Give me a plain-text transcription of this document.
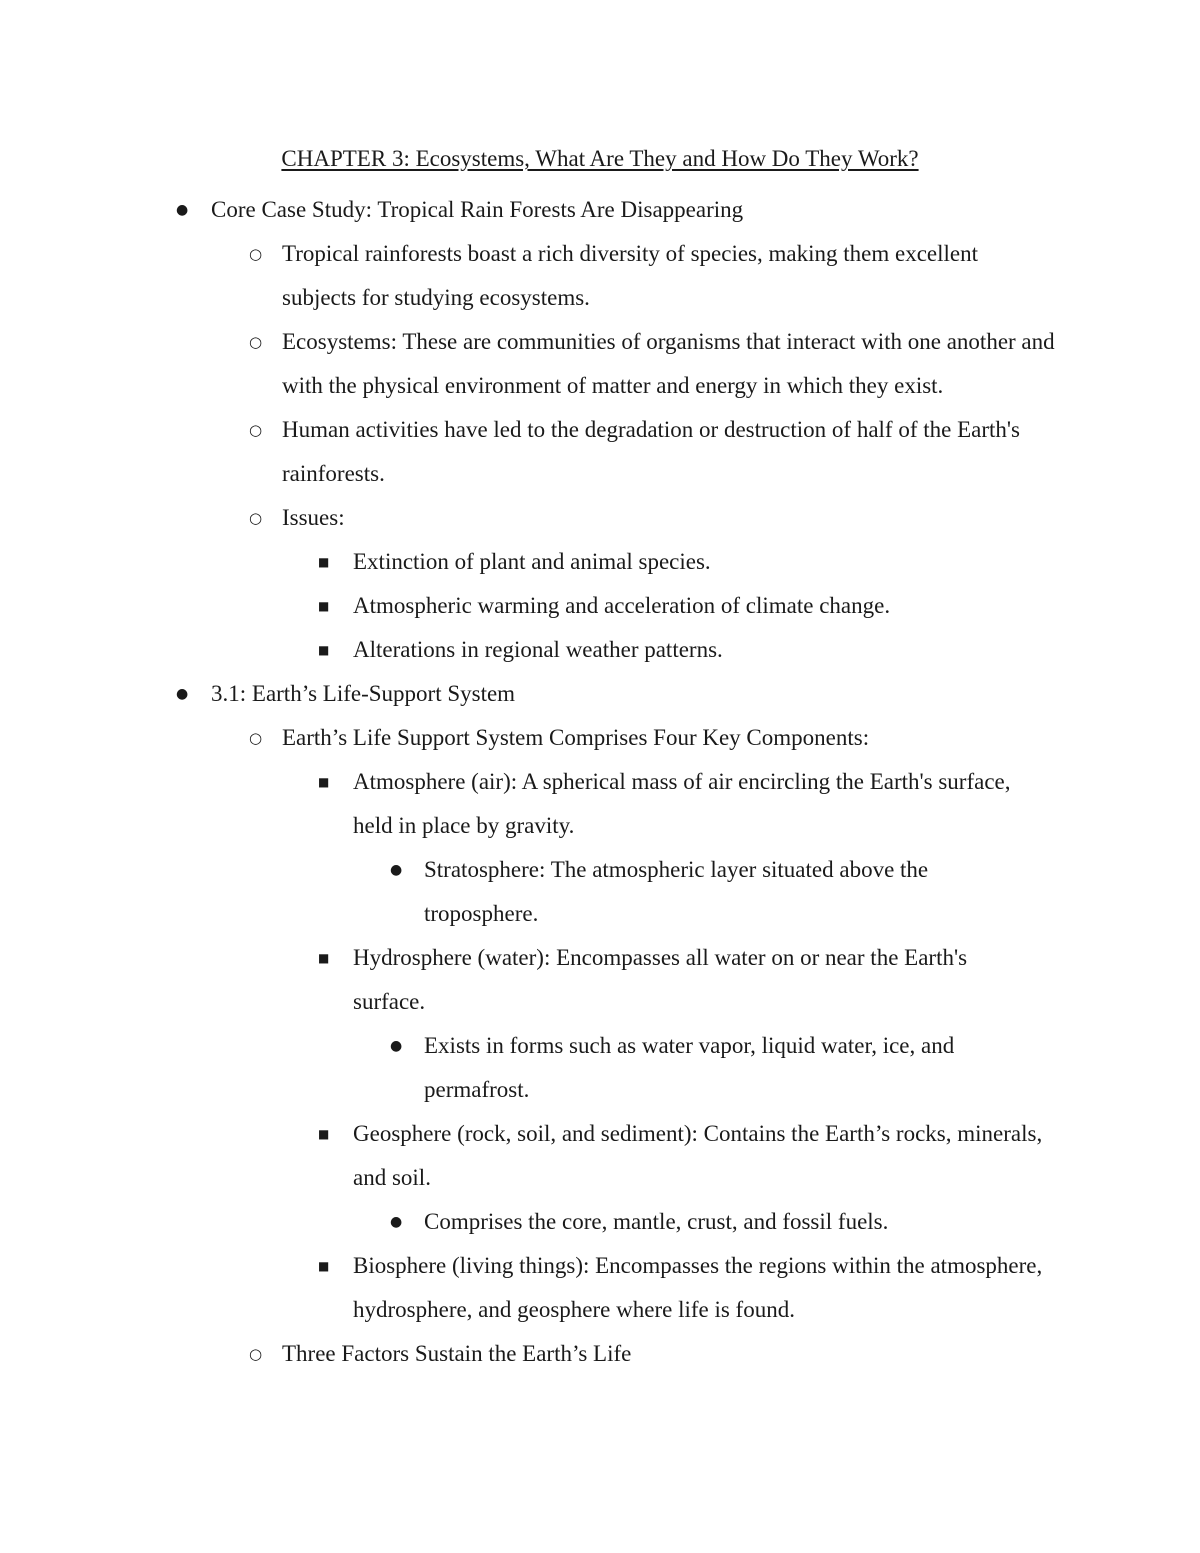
CHAPTER 3: Ecosystems, What Are They and How Do They Work?
● Core Case Study: Tropical Rain Forests Are Disappearing
○ Tropical rainforests boast a rich diversity of species, making them excellent subjects for studying ecosystems.
○ Ecosystems: These are communities of organisms that interact with one another and with the physical environment of matter and energy in which they exist.
○ Human activities have led to the degradation or destruction of half of the Earth's rainforests.
○ Issues:
■ Extinction of plant and animal species.
■ Atmospheric warming and acceleration of climate change.
■ Alterations in regional weather patterns.
● 3.1: Earth’s Life-Support System
○ Earth’s Life Support System Comprises Four Key Components:
■ Atmosphere (air): A spherical mass of air encircling the Earth's surface, held in place by gravity.
● Stratosphere: The atmospheric layer situated above the troposphere.
■ Hydrosphere (water): Encompasses all water on or near the Earth's surface.
● Exists in forms such as water vapor, liquid water, ice, and permafrost.
■ Geosphere (rock, soil, and sediment): Contains the Earth’s rocks, minerals, and soil.
● Comprises the core, mantle, crust, and fossil fuels.
■ Biosphere (living things): Encompasses the regions within the atmosphere, hydrosphere, and geosphere where life is found.
○ Three Factors Sustain the Earth’s Life
